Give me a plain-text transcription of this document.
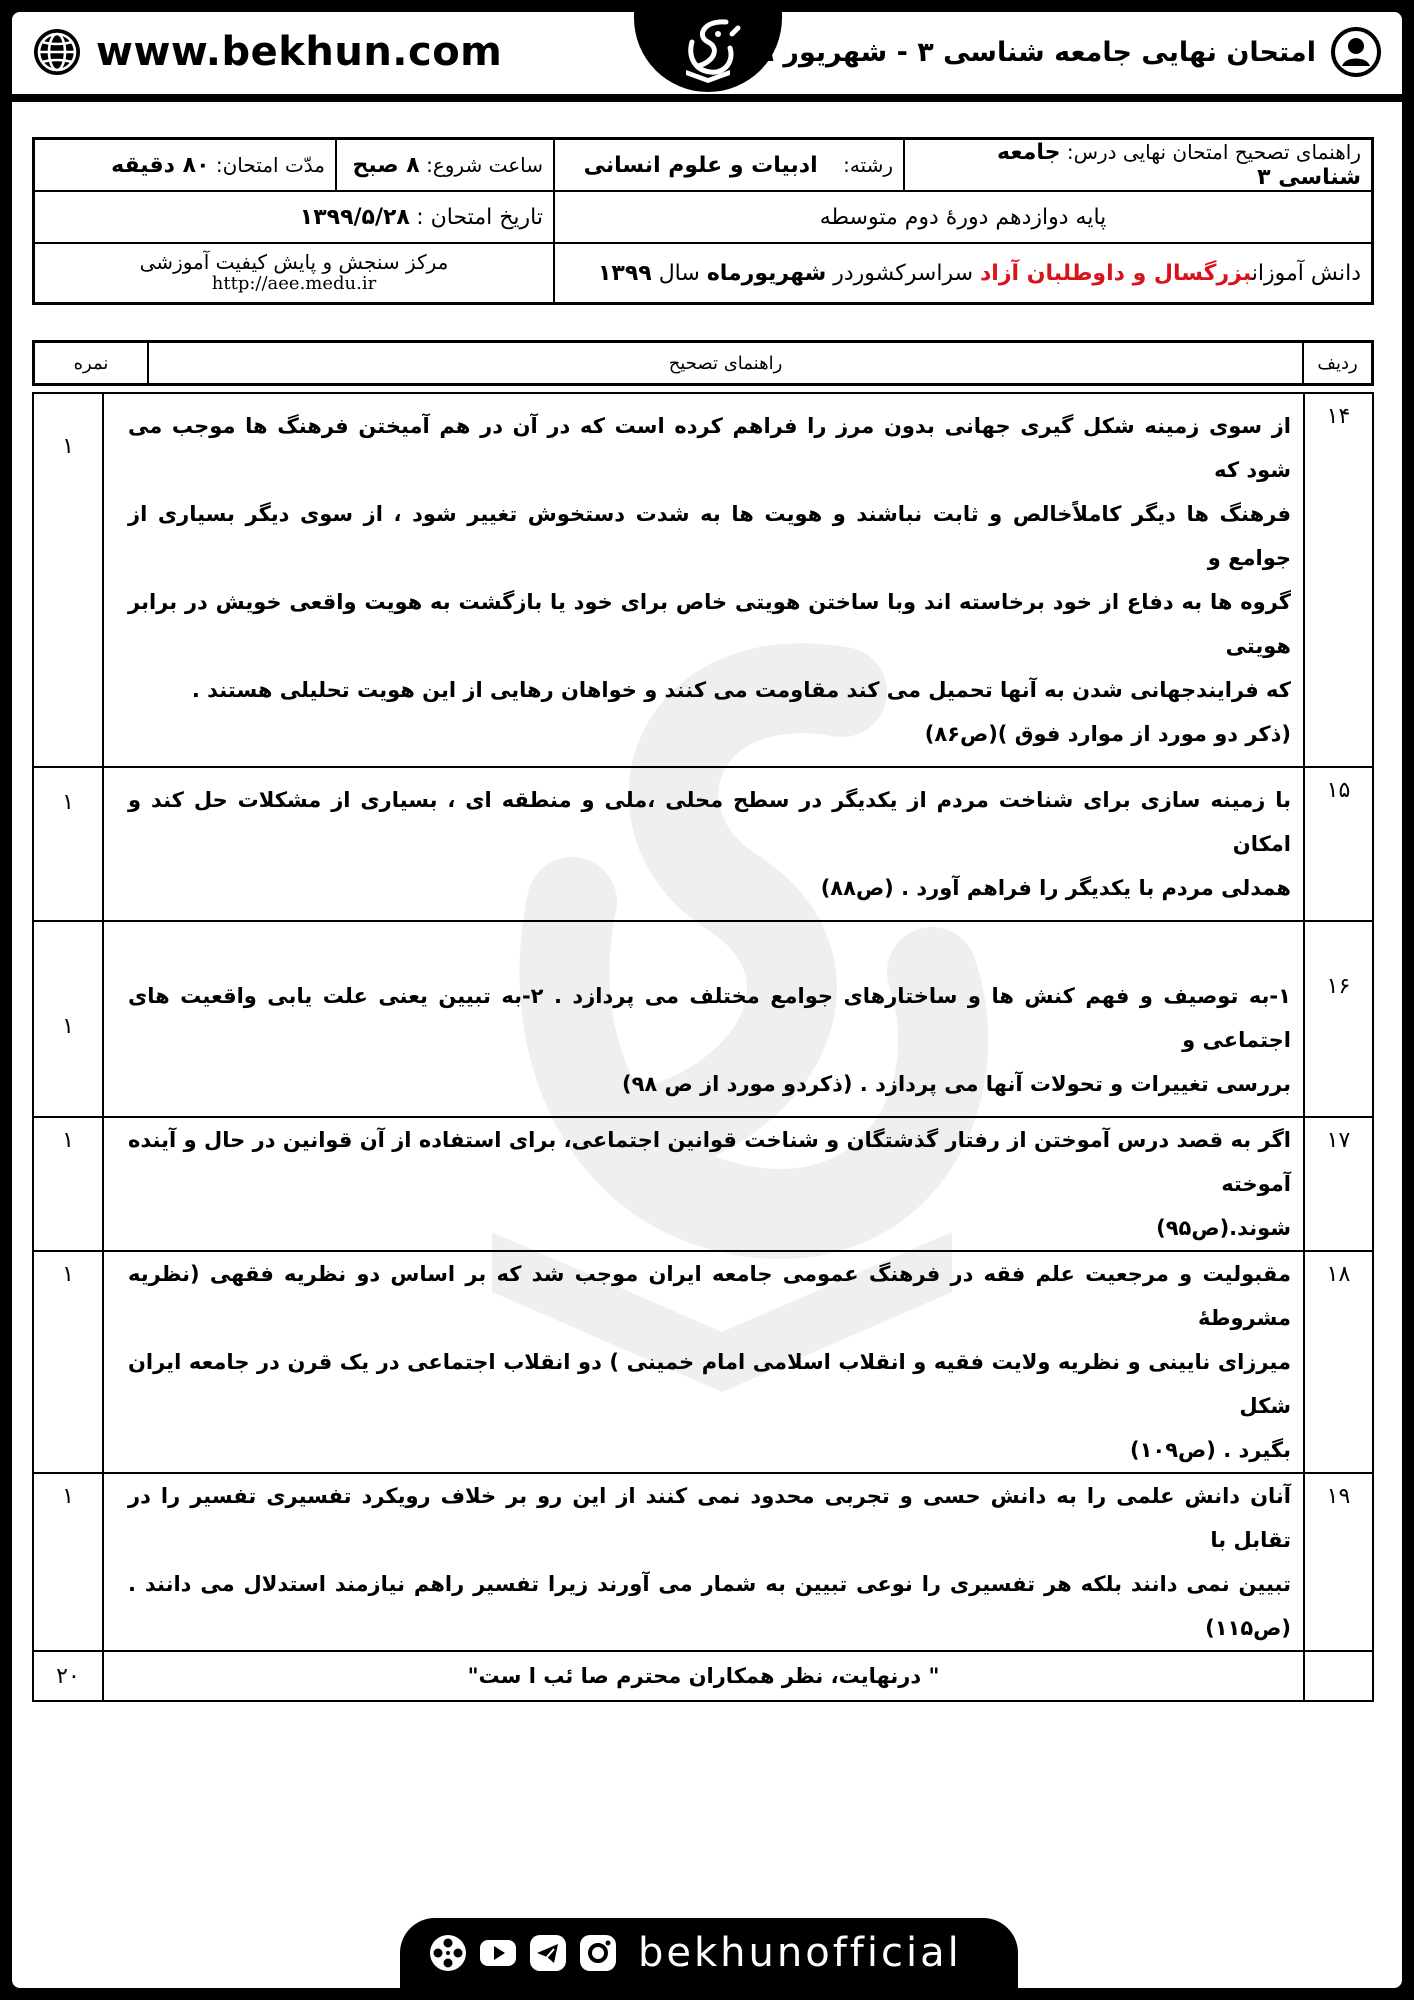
www.bekhun.com	امتحان نهایی جامعه شناسی ۳ - شهریور ۹۹
راهنمای تصحیح امتحان نهایی درس: جامعه شناسی ۳	رشته:    ادبیات و علوم انسانی	ساعت شروع: ۸ صبح	مدّت امتحان: ۸۰ دقیقه
پایه دوازدهم دورۀ دوم متوسطه		تاریخ امتحان : ۱۳۹۹/۵/۲۸	
دانش آموزانبزرگسال و داوطلبان آزاد سراسرکشوردر شهریورماه سال ۱۳۹۹		مرکز سنجش و پایش کیفیت آموزشی
http://aee.medu.ir	
ردیف	راهنمای تصحیح	نمره
۱۴	از سوی زمینه شکل گیری جهانی بدون مرز را فراهم کرده است که در آن در هم آمیختن فرهنگ ها موجب می شود که

فرهنگ ها دیگر کاملاًخالص و ثابت نباشند و هویت ها به شدت دستخوش تغییر شود ، از سوی دیگر بسیاری از جوامع و

گروه ها به دفاع از خود برخاسته اند وبا ساختن هویتی خاص برای خود یا بازگشت به هویت واقعی خویش در برابر هویتی

که فرایندجهانی شدن به آنها تحمیل می کند مقاومت می کنند و خواهان رهایی از این هویت تحلیلی هستند .

(ذکر دو مورد از موارد فوق )(ص۸۶)	۱
۱۵	با زمینه سازی برای شناخت مردم از یکدیگر در سطح محلی ،ملی و منطقه ای ، بسیاری از مشکلات حل کند و امکان

همدلی مردم با یکدیگر را فراهم آورد . (ص۸۸)	۱
۱۶	۱-به توصیف و فهم کنش ها و ساختارهای جوامع مختلف می پردازد . ۲-به تبیین یعنی علت یابی واقعیت های اجتماعی و

بررسی تغییرات و تحولات آنها می پردازد . (ذکردو مورد از ص ۹۸)	۱
۱۷	اگر به قصد درس آموختن از رفتار گذشتگان و شناخت قوانین اجتماعی، برای استفاده از آن قوانین در حال و آینده آموخته

شوند.(ص۹۵)	۱
۱۸	مقبولیت و مرجعیت علم فقه در فرهنگ عمومی جامعه ایران موجب شد که بر اساس دو نظریه فقهی (نظریه مشروطۀ

میرزای نایینی و نظریه ولایت فقیه و انقلاب اسلامی امام خمینی ) دو انقلاب اجتماعی در یک قرن در جامعه ایران شکل

بگیرد . (ص۱۰۹)	۱
۱۹	آنان دانش علمی را به دانش حسی و تجربی محدود نمی کنند از این رو بر خلاف رویکرد تفسیری تفسیر را در تقابل با

تبیین نمی دانند بلکه هر تفسیری را نوعی تبیین به شمار می آورند زیرا تفسیر راهم نیازمند استدلال می دانند . (ص۱۱۵)	۱
	" درنهایت، نظر همکاران محترم صا ئب ا ست"	۲۰
bekhunofficial
